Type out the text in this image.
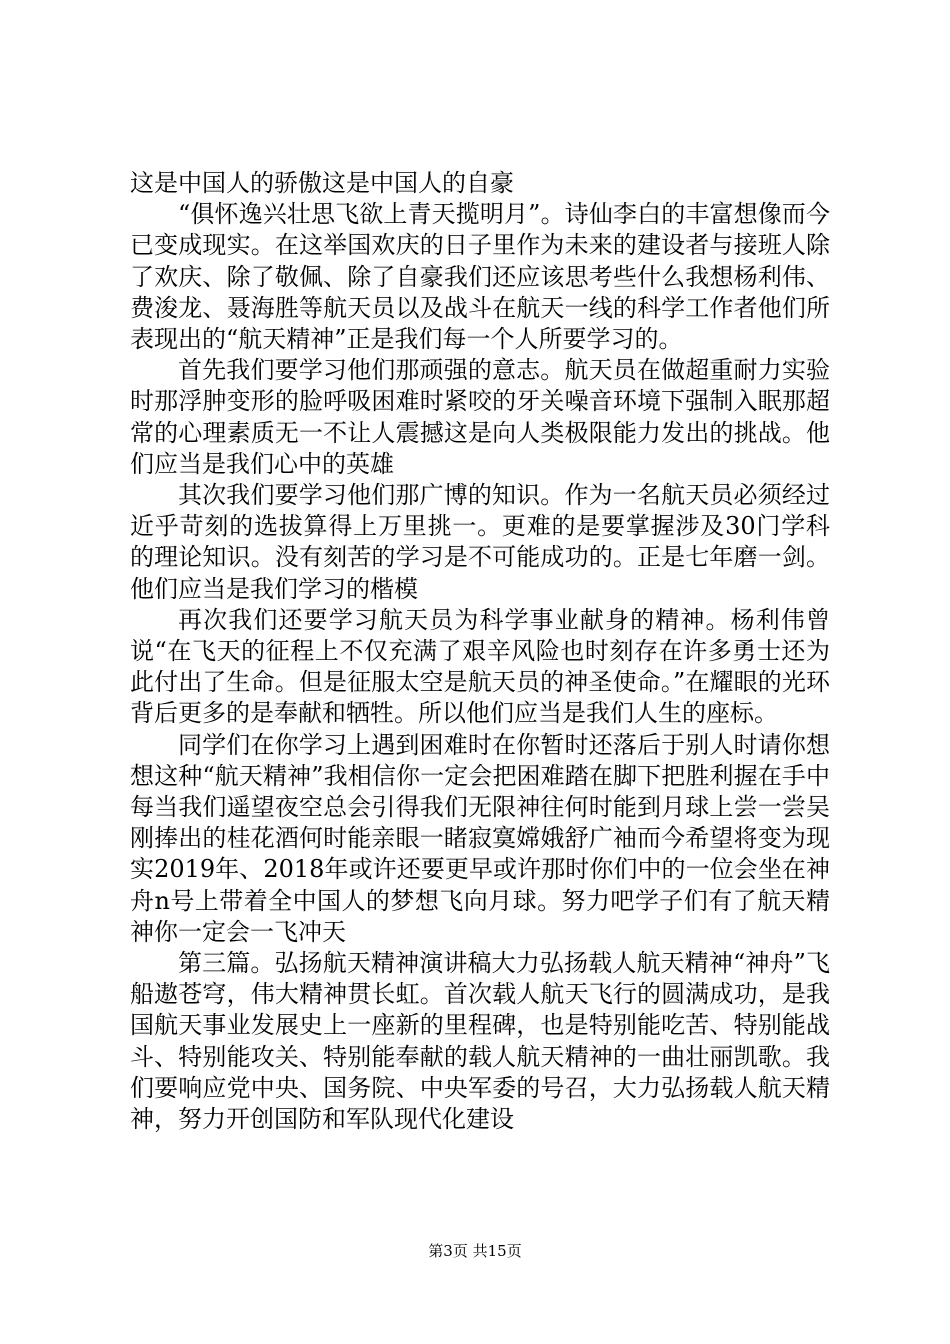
这是中国人的骄傲这是中国人的自豪

“俱怀逸兴壮思飞欲上青天揽明月”。诗仙李白的丰富想像而今已变成现实。在这举国欢庆的日子里作为未来的建设者与接班人除了欢庆、除了敬佩、除了自豪我们还应该思考些什么我想杨利伟、费浚龙、聂海胜等航天员以及战斗在航天一线的科学工作者他们所表现出的“航天精神”正是我们每一个人所要学习的。

首先我们要学习他们那顽强的意志。航天员在做超重耐力实验时那浮肿变形的脸呼吸困难时紧咬的牙关噪音环境下强制入眠那超常的心理素质无一不让人震撼这是向人类极限能力发出的挑战。他们应当是我们心中的英雄

其次我们要学习他们那广博的知识。作为一名航天员必须经过近乎苛刻的选拔算得上万里挑一。更难的是要掌握涉及30门学科的理论知识。没有刻苦的学习是不可能成功的。正是七年磨一剑。他们应当是我们学习的楷模

再次我们还要学习航天员为科学事业献身的精神。杨利伟曾说“在飞天的征程上不仅充满了艰辛风险也时刻存在许多勇士还为此付出了生命。但是征服太空是航天员的神圣使命。”在耀眼的光环背后更多的是奉献和牺牲。所以他们应当是我们人生的座标。

同学们在你学习上遇到困难时在你暂时还落后于别人时请你想想这种“航天精神”我相信你一定会把困难踏在脚下把胜利握在手中每当我们遥望夜空总会引得我们无限神往何时能到月球上尝一尝吴刚捧出的桂花酒何时能亲眼一睹寂寞嫦娥舒广袖而今希望将变为现实2019年、2018年或许还要更早或许那时你们中的一位会坐在神舟n号上带着全中国人的梦想飞向月球。努力吧学子们有了航天精神你一定会一飞冲天

第三篇。弘扬航天精神演讲稿大力弘扬载人航天精神“神舟”飞船遨苍穹，伟大精神贯长虹。首次载人航天飞行的圆满成功，是我国航天事业发展史上一座新的里程碑，也是特别能吃苦、特别能战斗、特别能攻关、特别能奉献的载人航天精神的一曲壮丽凯歌。我们要响应党中央、国务院、中央军委的号召，大力弘扬载人航天精神，努力开创国防和军队现代化建设

第3页 共15页
